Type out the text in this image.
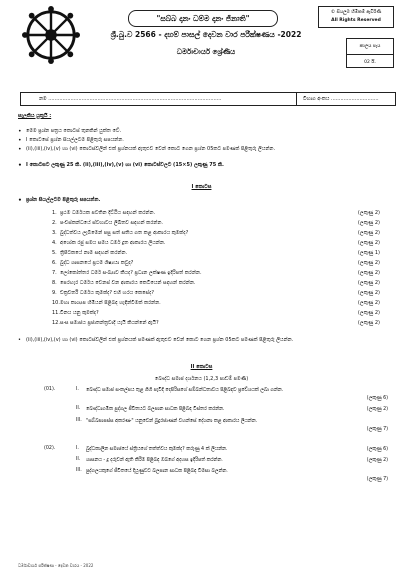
"සබ්බ දානං ධම්ම දානං ජිනාති"
ශ්‍රී.බු.ව 2566 - දහම් පාසල් දෙවන වාර පරීක්ෂණය -2022
ධර්මාචාර්ය ශ්‍රේණිය
© සියලුම හිමිකම් ඇවිරිණි
All Rights Reserved
කාලය පැය
02 යි.
නම .............................................................................................................	විභාග අංකය ..............................
සැලකිය යුතුයි :
• මෙම ප්‍රශ්න පත්‍රය කොටස් තුනකින් යුක්ත වේ.
• I කොටසේ ප්‍රශ්න සියල්ලටම පිළිතුරු සපයන්න.
• (ii),(iii),(iv),(v) හා (vi) කොටස්වලින් එක් ප්‍රශ්නයක් ඇතුළුව වෙන් කොට ගෙන ප්‍රශ්න 05කට පමණක් පිළිතුරු ලියන්න.
• I කොටසට ලකුණු 25 කි. (ii),(iii),(iv),(v) හා (vi) කොටස්වලට (15×5) ලකුණු 75 කි.
I කොටස
• ප්‍රශ්න සියල්ලටම පිළිතුරු සපයන්න.
1. ප්‍රථම ධර්මයක පවතින දිට්ඨිය සඳහන් කරන්න.	(ලකුණු 2)
2. පංචස්කන්ධයේ ස්වභාවය ලිඛිතව සඳහන් කරන්න.	(ලකුණු 2)
3. බුද්ධත්වය ලැබීමෙන් පසු සත් සතිය ගත කළ ආකාරය කුමක්ද?	(ලකුණු 2)
4. අශෝක රජු සමය සමය ධර්ම දූත ආකාරය ලියන්න.	(ලකුණු 2)
5. ත්‍රිපිටකයේ නාම සඳහන් කරන්න.	(ලකුණු 1)
6. බුද්ධ ශාසනයේ ප්‍රථම ශිෂ්‍යයා කවුද?	(ලකුණු 2)
7. ලෝකෝත්තර ධර්ම සංඛ්‍යාව කීයද? ප්‍රධාන ලක්ෂණ ඉදිරිපත් කරන්න.	(ලකුණු 2)
8. පෙරහැර ධර්මය වෙනස් වන ආකාරය කෙටියෙන් සඳහන් කරන්න.	(ලකුණු 2)
9. චක්‍රවර්ති ධර්මය කුමක්ද? එහි හරය කෙසේද?	(ලකුණු 2)
10. මහා කාශ්‍යප හිමියන් පිළිබඳ හැඳින්වීමක් කරන්න.	(ලකුණු 2)
11. විනය යනු කුමක්ද?	(ලකුණු 2)
12. සංඝ සමාජය ප්‍රජාතන්ත්‍රවාදී යැයි කියන්නේ ඇයි?	(ලකුණු 2)
• (ii),(iii),(iv),(v) හා (vi) කොටස්වලින් එක් ප්‍රශ්නයක් පමණක් ඇතුළුව වෙන් කොට ගෙන ප්‍රශ්න 05කට පමණක් පිළිතුරු ලියන්න.
II කොටස
බෞද්ධ සමාජ දර්ශනය (1,2,3 පාඩම් පමණි)
(01).	I. බෞද්ධ සමාජ සංකල්පය තුළ ගිහි පැවිදි දෙපිරිසගේ සම්බන්ධතාවය පිළිබඳව ප්‍රවේශයක් ලබා ගන්න.
(ලකුණු 6)
II. බෞද්ධාගමික පුද්ගල ජීවිතයට බලපාන සාධක පිළිබඳ විස්තර කරන්න.	(ලකුණු 2)
III. "සබ්බපාපස්ස අකරණං" යනුවෙන් බුදුරජාණන් වහන්සේ දේශනා කළ ආකාරය ලියන්න.
(ලකුණු 7)
(02).	I. බුද්ධකාලීන සමාජයේ ස්ත්‍රියගේ තත්ත්වය කුමක්ද? කරුණු 4 ක් ලියන්න.	(ලකුණු 6)
II. ශාසනය - දූ දරුවන් ඇති කිරීම පිළිබඳ ඔබගේ අදහස ඉදිරිපත් කරන්න.	(ලකුණු 2)
III. පුද්ගලයකුගේ ජීවිතයේ දියුණුවට බලපාන සාධක පිළිබඳ විමසා බලන්න.
(ලකුණු 7)
ධර්මාචාර්ය පරීක්ෂණ - දෙවන වාරය - 2022
